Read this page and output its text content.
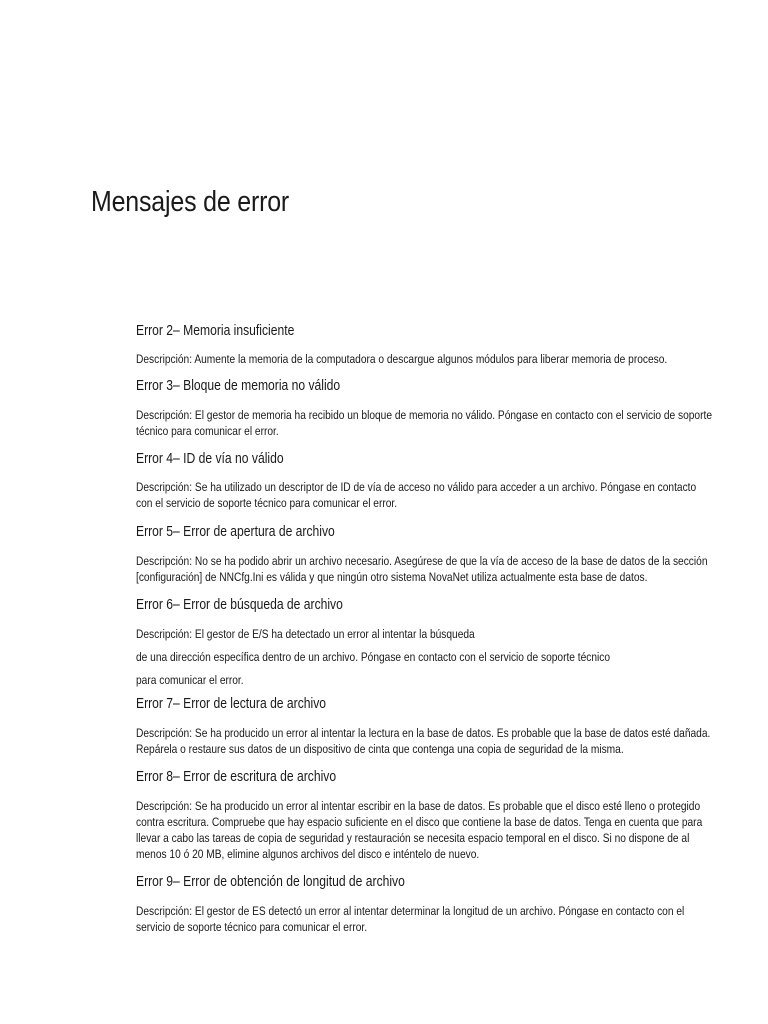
Mensajes de error
Error 2– Memoria insuficiente
Descripción: Aumente la memoria de la computadora o descargue algunos módulos para liberar memoria de proceso.
Error 3– Bloque de memoria no válido
Descripción: El gestor de memoria ha recibido un bloque de memoria no válido. Póngase en contacto con el servicio de soporte
técnico para comunicar el error.
Error 4– ID de vía no válido
Descripción: Se ha utilizado un descriptor de ID de vía de acceso no válido para acceder a un archivo. Póngase en contacto
con el servicio de soporte técnico para comunicar el error.
Error 5– Error de apertura de archivo
Descripción: No se ha podido abrir un archivo necesario. Asegúrese de que la vía de acceso de la base de datos de la sección
[configuración] de NNCfg.Ini es válida y que ningún otro sistema NovaNet utiliza actualmente esta base de datos.
Error 6– Error de búsqueda de archivo
Descripción: El gestor de E/S ha detectado un error al intentar la búsqueda
de una dirección específica dentro de un archivo. Póngase en contacto con el servicio de soporte técnico
para comunicar el error.
Error 7– Error de lectura de archivo
Descripción: Se ha producido un error al intentar la lectura en la base de datos. Es probable que la base de datos esté dañada.
Repárela o restaure sus datos de un dispositivo de cinta que contenga una copia de seguridad de la misma.
Error 8– Error de escritura de archivo
Descripción: Se ha producido un error al intentar escribir en la base de datos. Es probable que el disco esté lleno o protegido
contra escritura. Compruebe que hay espacio suficiente en el disco que contiene la base de datos. Tenga en cuenta que para
llevar a cabo las tareas de copia de seguridad y restauración se necesita espacio temporal en el disco. Si no dispone de al
menos 10 ó 20 MB, elimine algunos archivos del disco e inténtelo de nuevo.
Error 9– Error de obtención de longitud de archivo
Descripción: El gestor de ES detectó un error al intentar determinar la longitud de un archivo. Póngase en contacto con el
servicio de soporte técnico para comunicar el error.
